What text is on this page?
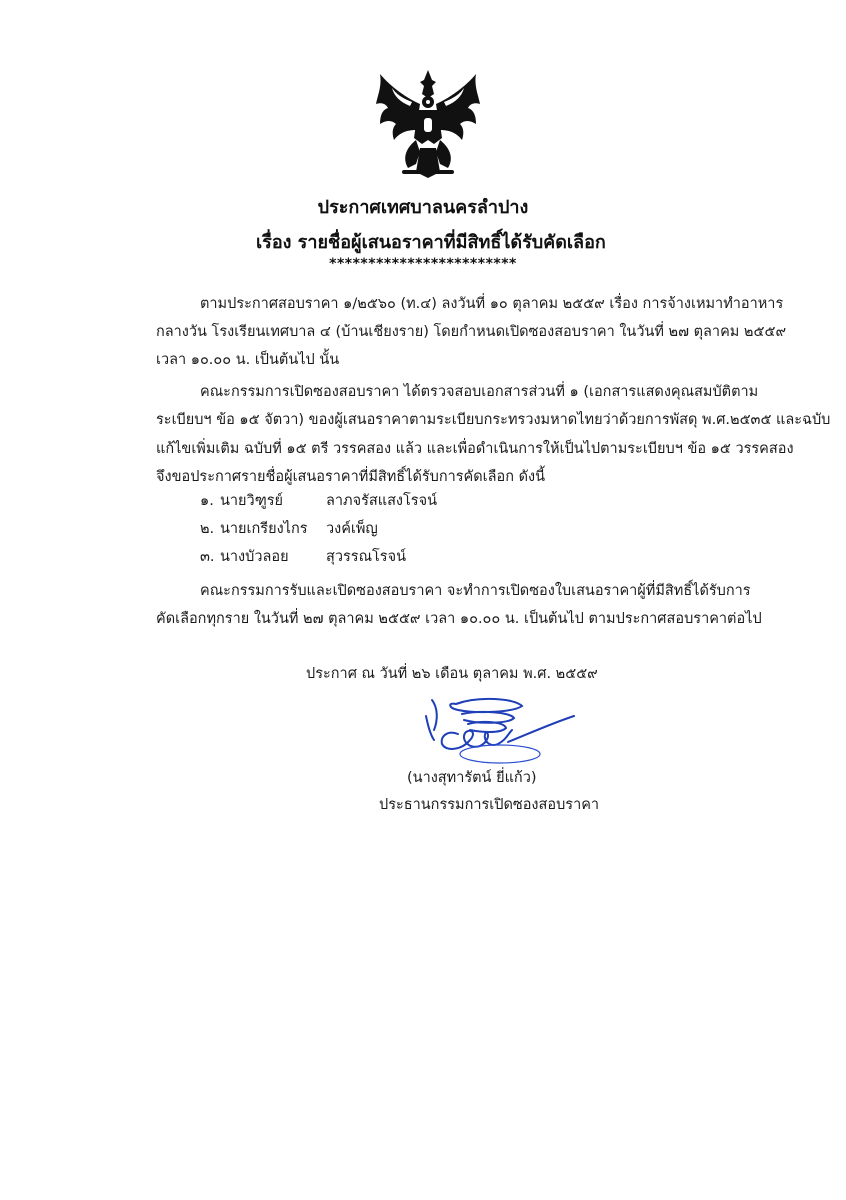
ประกาศเทศบาลนครลำปาง
เรื่อง รายชื่อผู้เสนอราคาที่มีสิทธิ์ได้รับคัดเลือก
************************
ตามประกาศสอบราคา ๑/๒๕๖๐ (ท.๔) ลงวันที่ ๑๐ ตุลาคม ๒๕๕๙ เรื่อง การจ้างเหมาทำอาหาร
กลางวัน โรงเรียนเทศบาล ๔ (บ้านเชียงราย) โดยกำหนดเปิดซองสอบราคา ในวันที่ ๒๗ ตุลาคม ๒๕๕๙
เวลา ๑๐.๐๐ น. เป็นต้นไป นั้น
คณะกรรมการเปิดซองสอบราคา ได้ตรวจสอบเอกสารส่วนที่ ๑ (เอกสารแสดงคุณสมบัติตาม
ระเบียบฯ ข้อ ๑๕ จัตวา) ของผู้เสนอราคาตามระเบียบกระทรวงมหาดไทยว่าด้วยการพัสดุ พ.ศ.๒๕๓๕ และฉบับ
แก้ไขเพิ่มเติม ฉบับที่ ๑๕ ตรี วรรคสอง แล้ว และเพื่อดำเนินการให้เป็นไปตามระเบียบฯ ข้อ ๑๕ วรรคสอง
จึงขอประกาศรายชื่อผู้เสนอราคาที่มีสิทธิ์ได้รับการคัดเลือก ดังนี้
๑. นายวิฑูรย์	ลาภจรัสแสงโรจน์
๒. นายเกรียงไกร วงค์เพ็ญ
๓. นางบัวลอย	สุวรรณโรจน์
คณะกรรมการรับและเปิดซองสอบราคา จะทำการเปิดซองใบเสนอราคาผู้ที่มีสิทธิ์ได้รับการ
คัดเลือกทุกราย ในวันที่ ๒๗ ตุลาคม ๒๕๕๙ เวลา ๑๐.๐๐ น. เป็นต้นไป ตามประกาศสอบราคาต่อไป
ประกาศ ณ วันที่ ๒๖ เดือน ตุลาคม พ.ศ. ๒๕๕๙
(นางสุทารัตน์ ยี่แก้ว)
ประธานกรรมการเปิดซองสอบราคา
